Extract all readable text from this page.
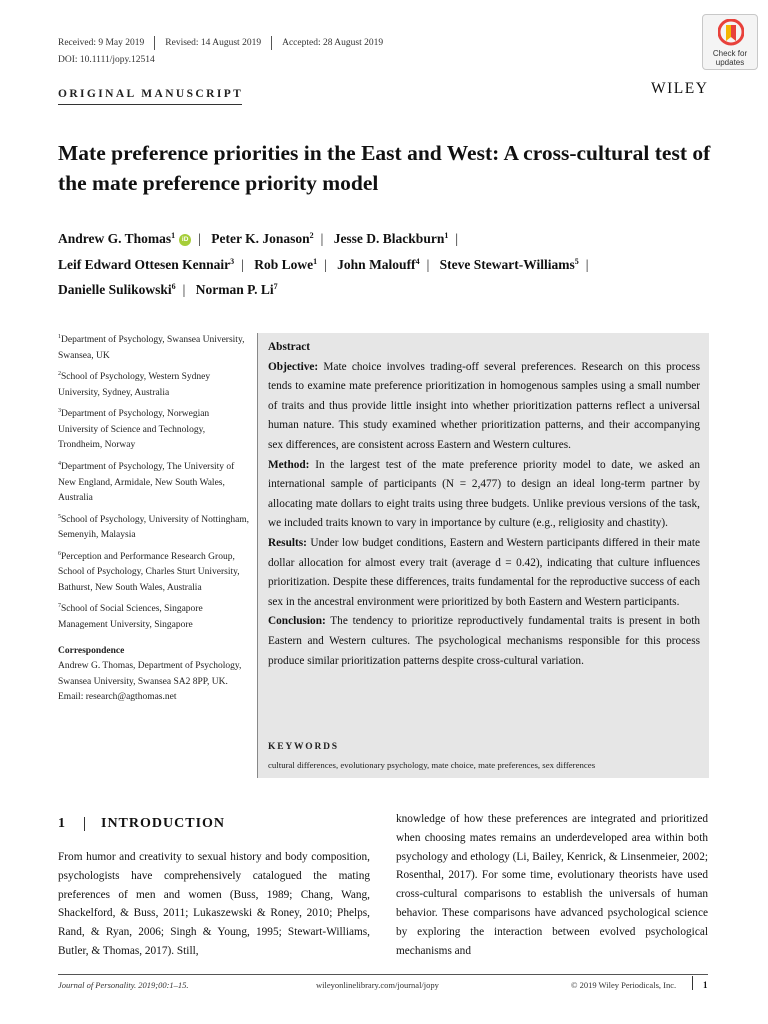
Received: 9 May 2019 Revised: 14 August 2019 Accepted: 28 August 2019
DOI: 10.1111/jopy.12514
ORIGINAL MANUSCRIPT	WILEY
Check for
updates
Mate preference priorities in the East and West: A cross-cultural test of the mate preference priority model
Andrew G. Thomas$^1$ iD | Peter K. Jonason$^2$ | Jesse D. Blackburn$^1$ |
Leif Edward Ottesen Kennair$^3$ | Rob Lowe$^1$ | John Malouff$^4$ | Steve Stewart-Williams$^5$ |
Danielle Sulikowski$^6$ | Norman P. Li$^7$

$^1$Department of Psychology, Swansea University, Swansea, UK

$^2$School of Psychology, Western Sydney University, Sydney, Australia

$^3$Department of Psychology, Norwegian University of Science and Technology, Trondheim, Norway

$^4$Department of Psychology, The University of New England, Armidale, New South Wales, Australia

$^5$School of Psychology, University of Nottingham, Semenyih, Malaysia

$^6$Perception and Performance Research Group, School of Psychology, Charles Sturt University, Bathurst, New South Wales, Australia

$^7$School of Social Sciences, Singapore Management University, Singapore

Correspondence

Andrew G. Thomas, Department of Psychology, Swansea University, Swansea SA2 8PP, UK.
Email: research@agthomas.net

Abstract

Objective: Mate choice involves trading-off several preferences. Research on this process tends to examine mate preference prioritization in homogenous samples using a small number of traits and thus provide little insight into whether prioritization patterns reflect a universal human nature. This study examined whether prioritization patterns, and their accompanying sex differences, are consistent across Eastern and Western cultures.

Method: In the largest test of the mate preference priority model to date, we asked an international sample of participants (N = 2,477) to design an ideal long-term partner by allocating mate dollars to eight traits using three budgets. Unlike previous versions of the task, we included traits known to vary in importance by culture (e.g., religiosity and chastity).

Results: Under low budget conditions, Eastern and Western participants differed in their mate dollar allocation for almost every trait (average d = 0.42), indicating that culture influences prioritization. Despite these differences, traits fundamental for the reproductive success of each sex in the ancestral environment were prioritized by both Eastern and Western participants.

Conclusion: The tendency to prioritize reproductively fundamental traits is present in both Eastern and Western cultures. The psychological mechanisms responsible for this process produce similar prioritization patterns despite cross-cultural variation.

KEYWORDS
cultural differences, evolutionary psychology, mate choice, mate preferences, sex differences
1	INTRODUCTION
From humor and creativity to sexual history and body composition, psychologists have comprehensively catalogued the mating preferences of men and women (Buss, 1989; Chang, Wang, Shackelford, & Buss, 2011; Lukaszewski & Roney, 2010; Phelps, Rand, & Ryan, 2006; Singh & Young, 1995; Stewart-Williams, Butler, & Thomas, 2017). Still,
knowledge of how these preferences are integrated and prioritized when choosing mates remains an underdeveloped area within both psychology and ethology (Li, Bailey, Kenrick, & Linsenmeier, 2002; Rosenthal, 2017). For some time, evolutionary theorists have used cross-cultural comparisons to establish the universals of human behavior. These comparisons have advanced psychological science by exploring the interaction between evolved psychological mechanisms and
Journal of Personality. 2019;00:1–15.	wileyonlinelibrary.com/journal/jopy	© 2019 Wiley Periodicals, Inc.	1
